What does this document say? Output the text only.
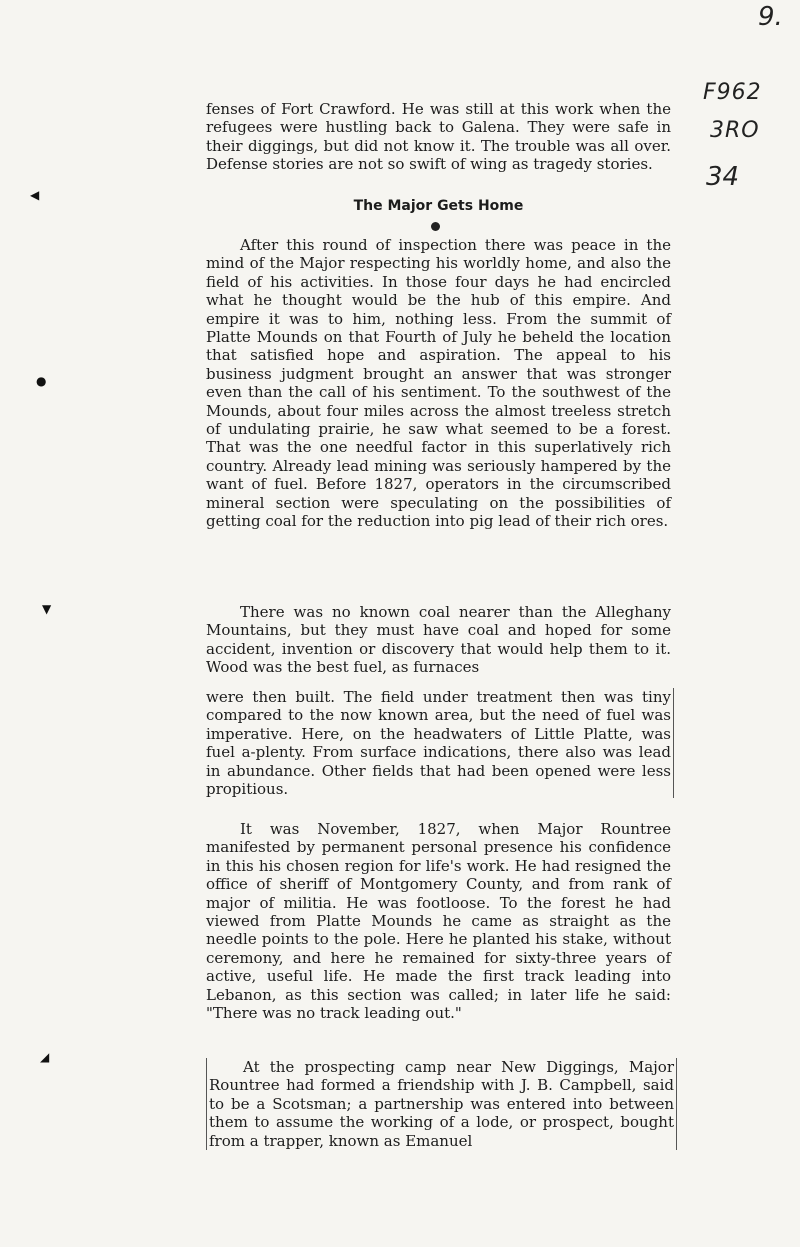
9.
F962
3RO
34
◀
●
▼
◢

fenses of Fort Crawford. He was still at this work when the refugees were hustling back to Galena. They were safe in their diggings, but did not know it. The trouble was all over. Defense stories are not so swift of wing as tragedy stories.

The Major Gets Home

After this round of inspection there was peace in the mind of the Major respecting his worldly home, and also the field of his activities. In those four days he had encircled what he thought would be the hub of this empire. And empire it was to him, nothing less. From the summit of Platte Mounds on that Fourth of July he beheld the location that satisfied hope and aspiration. The appeal to his business judgment brought an answer that was stronger even than the call of his sentiment. To the southwest of the Mounds, about four miles across the almost treeless stretch of undulating prairie, he saw what seemed to be a forest. That was the one needful factor in this superlatively rich country. Already lead mining was seriously hampered by the want of fuel. Before 1827, operators in the circumscribed mineral section were speculating on the possibilities of getting coal for the reduction into pig lead of their rich ores.

There was no known coal nearer than the Alleghany Mountains, but they must have coal and hoped for some accident, invention or discovery that would help them to it. Wood was the best fuel, as furnaces

were then built. The field under treatment then was tiny compared to the now known area, but the need of fuel was imperative. Here, on the headwaters of Little Platte, was fuel a-plenty. From surface indications, there also was lead in abundance. Other fields that had been opened were less propitious.

It was November, 1827, when Major Rountree manifested by permanent personal presence his confidence in this his chosen region for life's work. He had resigned the office of sheriff of Montgomery County, and from rank of major of militia. He was footloose. To the forest he had viewed from Platte Mounds he came as straight as the needle points to the pole. Here he planted his stake, without ceremony, and here he remained for sixty-three years of active, useful life. He made the first track leading into Lebanon, as this section was called; in later life he said: "There was no track leading out."

At the prospecting camp near New Diggings, Major Rountree had formed a friendship with J. B. Campbell, said to be a Scotsman; a partnership was entered into between them to assume the working of a lode, or prospect, bought from a trapper, known as Emanuel
